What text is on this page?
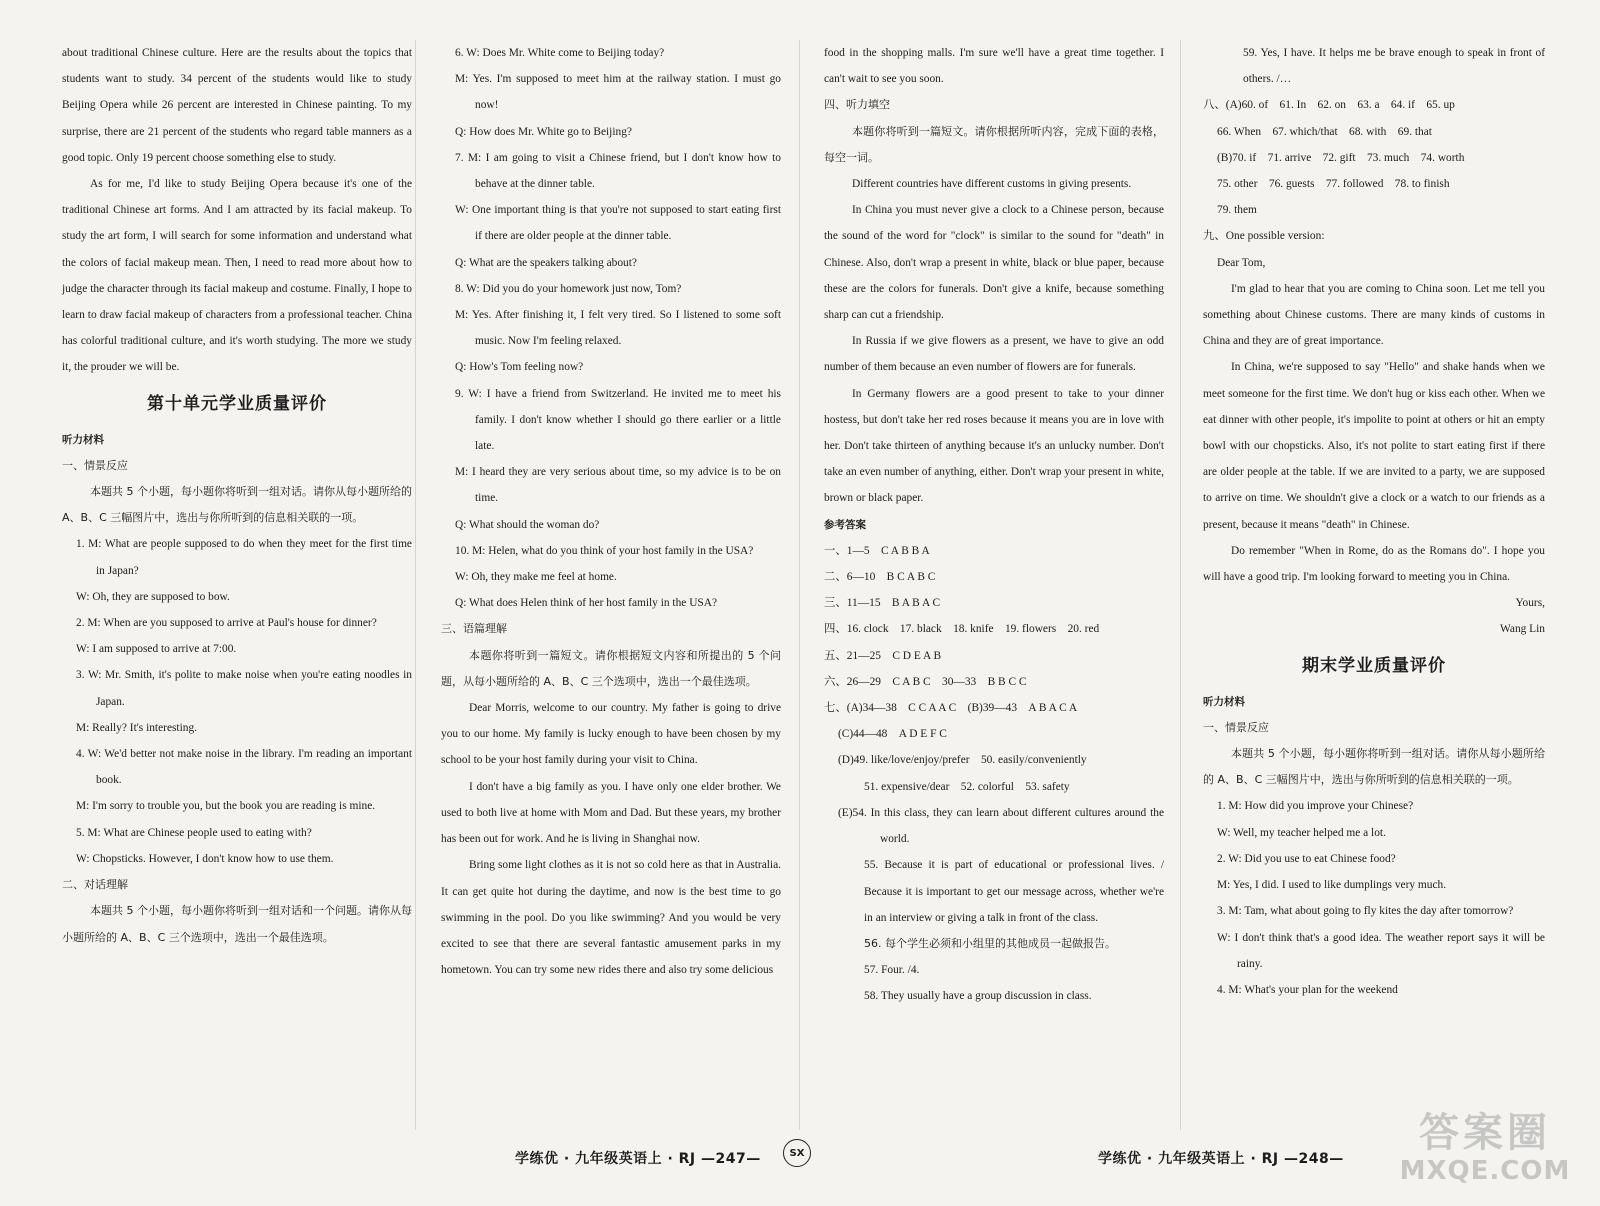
about traditional Chinese culture. Here are the results about the topics that students want to study. 34 percent of the students would like to study Beijing Opera while 26 percent are interested in Chinese painting. To my surprise, there are 21 percent of the students who regard table manners as a good topic. Only 19 percent choose something else to study.

As for me, I'd like to study Beijing Opera because it's one of the traditional Chinese art forms. And I am attracted by its facial makeup. To study the art form, I will search for some information and understand what the colors of facial makeup mean. Then, I need to read more about how to judge the character through its facial makeup and costume. Finally, I hope to learn to draw facial makeup of characters from a professional teacher. China has colorful traditional culture, and it's worth studying. The more we study it, the prouder we will be.

第十单元学业质量评价

听力材料

一、情景反应

本题共 5 个小题，每小题你将听到一组对话。请你从每小题所给的 A、B、C 三幅图片中，选出与你所听到的信息相关联的一项。

1. M: What are people supposed to do when they meet for the first time in Japan?

W: Oh, they are supposed to bow.

2. M: When are you supposed to arrive at Paul's house for dinner?

W: I am supposed to arrive at 7:00.

3. W: Mr. Smith, it's polite to make noise when you're eating noodles in Japan.

M: Really? It's interesting.

4. W: We'd better not make noise in the library. I'm reading an important book.

M: I'm sorry to trouble you, but the book you are reading is mine.

5. M: What are Chinese people used to eating with?

W: Chopsticks. However, I don't know how to use them.

二、对话理解

本题共 5 个小题，每小题你将听到一组对话和一个问题。请你从每小题所给的 A、B、C 三个选项中，选出一个最佳选项。

6. W: Does Mr. White come to Beijing today?

M: Yes. I'm supposed to meet him at the railway station. I must go now!

Q: How does Mr. White go to Beijing?

7. M: I am going to visit a Chinese friend, but I don't know how to behave at the dinner table.

W: One important thing is that you're not supposed to start eating first if there are older people at the dinner table.

Q: What are the speakers talking about?

8. W: Did you do your homework just now, Tom?

M: Yes. After finishing it, I felt very tired. So I listened to some soft music. Now I'm feeling relaxed.

Q: How's Tom feeling now?

9. W: I have a friend from Switzerland. He invited me to meet his family. I don't know whether I should go there earlier or a little late.

M: I heard they are very serious about time, so my advice is to be on time.

Q: What should the woman do?

10. M: Helen, what do you think of your host family in the USA?

W: Oh, they make me feel at home.

Q: What does Helen think of her host family in the USA?

三、语篇理解

本题你将听到一篇短文。请你根据短文内容和所提出的 5 个问题，从每小题所给的 A、B、C 三个选项中，选出一个最佳选项。

Dear Morris, welcome to our country. My father is going to drive you to our home. My family is lucky enough to have been chosen by my school to be your host family during your visit to China.

I don't have a big family as you. I have only one elder brother. We used to both live at home with Mom and Dad. But these years, my brother has been out for work. And he is living in Shanghai now.

Bring some light clothes as it is not so cold here as that in Australia. It can get quite hot during the daytime, and now is the best time to go swimming in the pool. Do you like swimming? And you would be very excited to see that there are several fantastic amusement parks in my hometown. You can try some new rides there and also try some delicious

food in the shopping malls. I'm sure we'll have a great time together. I can't wait to see you soon.

四、听力填空

本题你将听到一篇短文。请你根据所听内容，完成下面的表格，每空一词。

Different countries have different customs in giving presents.

In China you must never give a clock to a Chinese person, because the sound of the word for "clock" is similar to the sound for "death" in Chinese. Also, don't wrap a present in white, black or blue paper, because these are the colors for funerals. Don't give a knife, because something sharp can cut a friendship.

In Russia if we give flowers as a present, we have to give an odd number of them because an even number of flowers are for funerals.

In Germany flowers are a good present to take to your dinner hostess, but don't take her red roses because it means you are in love with her. Don't take thirteen of anything because it's an unlucky number. Don't take an even number of anything, either. Don't wrap your present in white, brown or black paper.

参考答案

一、1—5　C A B B A

二、6—10　B C A B C

三、11—15　B A B A C

四、16. clock　17. black　18. knife　19. flowers　20. red

五、21—25　C D E A B

六、26—29　C A B C　30—33　B B C C

七、(A)34—38　C C A A C　(B)39—43　A B A C A

(C)44—48　A D E F C

(D)49. like/love/enjoy/prefer　50. easily/conveniently

51. expensive/dear　52. colorful　53. safety

(E)54. In this class, they can learn about different cultures around the world.

55. Because it is part of educational or professional lives. / Because it is important to get our message across, whether we're in an interview or giving a talk in front of the class.

56. 每个学生必须和小组里的其他成员一起做报告。

57. Four. /4.

58. They usually have a group discussion in class.

59. Yes, I have. It helps me be brave enough to speak in front of others. /…

八、(A)60. of　61. In　62. on　63. a　64. if　65. up

66. When　67. which/that　68. with　69. that

(B)70. if　71. arrive　72. gift　73. much　74. worth

75. other　76. guests　77. followed　78. to finish

79. them

九、One possible version:

Dear Tom,

I'm glad to hear that you are coming to China soon. Let me tell you something about Chinese customs. There are many kinds of customs in China and they are of great importance.

In China, we're supposed to say "Hello" and shake hands when we meet someone for the first time. We don't hug or kiss each other. When we eat dinner with other people, it's impolite to point at others or hit an empty bowl with our chopsticks. Also, it's not polite to start eating first if there are older people at the table. If we are invited to a party, we are supposed to arrive on time. We shouldn't give a clock or a watch to our friends as a present, because it means "death" in Chinese.

Do remember "When in Rome, do as the Romans do". I hope you will have a good trip. I'm looking forward to meeting you in China.

Yours,

Wang Lin

期末学业质量评价

听力材料

一、情景反应

本题共 5 个小题，每小题你将听到一组对话。请你从每小题所给的 A、B、C 三幅图片中，选出与你所听到的信息相关联的一项。

1. M: How did you improve your Chinese?

W: Well, my teacher helped me a lot.

2. W: Did you use to eat Chinese food?

M: Yes, I did. I used to like dumplings very much.

3. M: Tam, what about going to fly kites the day after tomorrow?

W: I don't think that's a good idea. The weather report says it will be rainy.

4. M: What's your plan for the weekend

学练优 · 九年级英语上 · RJ —247—	SX	学练优 · 九年级英语上 · RJ —248—
答案圈
MXQE.COM
